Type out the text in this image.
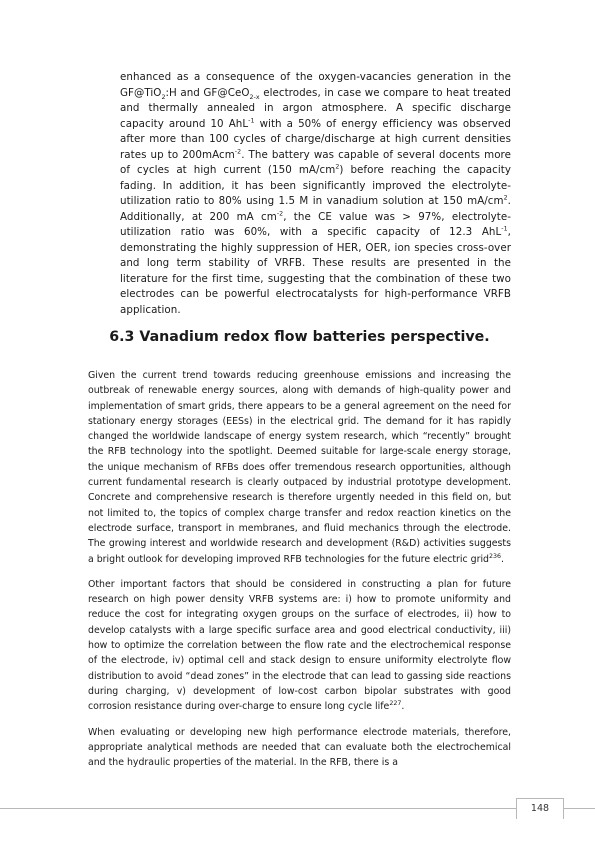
enhanced as a consequence of the oxygen-vacancies generation in the GF@TiO$_2$:H and GF@CeO$_{2-x}$ electrodes, in case we compare to heat treated and thermally annealed in argon atmosphere. A specific discharge capacity around 10 AhL$^{-1}$ with a 50% of energy efficiency was observed after more than 100 cycles of charge/discharge at high current densities rates up to 200mAcm$^{-2}$. The battery was capable of several docents more of cycles at high current (150 $mA/cm^2$) before reaching the capacity fading. In addition, it has been significantly improved the electrolyte-utilization ratio to 80% using 1.5 M in vanadium solution at 150 $mA/cm^2$. Additionally, at 200 mA $cm^{-2}$, the CE value was > 97%, electrolyte-utilization ratio was 60%, with a specific capacity of 12.3 AhL$^{-1}$, demonstrating the highly suppression of HER, OER, ion species cross-over and long term stability of VRFB. These results are presented in the literature for the first time, suggesting that the combination of these two electrodes can be powerful electrocatalysts for high-performance VRFB application.
6.3 Vanadium redox flow batteries perspective.

Given the current trend towards reducing greenhouse emissions and increasing the outbreak of renewable energy sources, along with demands of high-quality power and implementation of smart grids, there appears to be a general agreement on the need for stationary energy storages (EESs) in the electrical grid. The demand for it has rapidly changed the worldwide landscape of energy system research, which “recently” brought the RFB technology into the spotlight. Deemed suitable for large-scale energy storage, the unique mechanism of RFBs does offer tremendous research opportunities, although current fundamental research is clearly outpaced by industrial prototype development. Concrete and comprehensive research is therefore urgently needed in this field on, but not limited to, the topics of complex charge transfer and redox reaction kinetics on the electrode surface, transport in membranes, and fluid mechanics through the electrode. The growing interest and worldwide research and development (R&D) activities suggests a bright outlook for developing improved RFB technologies for the future electric grid$^{236}$.

Other important factors that should be considered in constructing a plan for future research on high power density VRFB systems are: i) how to promote uniformity and reduce the cost for integrating oxygen groups on the surface of electrodes, ii) how to develop catalysts with a large specific surface area and good electrical conductivity, iii) how to optimize the correlation between the flow rate and the electrochemical response of the electrode, iv) optimal cell and stack design to ensure uniformity electrolyte flow distribution to avoid “dead zones” in the electrode that can lead to gassing side reactions during charging, v) development of low-cost carbon bipolar substrates with good corrosion resistance during over-charge to ensure long cycle life$^{227}$.

When evaluating or developing new high performance electrode materials, therefore, appropriate analytical methods are needed that can evaluate both the electrochemical and the hydraulic properties of the material. In the RFB, there is a

148
